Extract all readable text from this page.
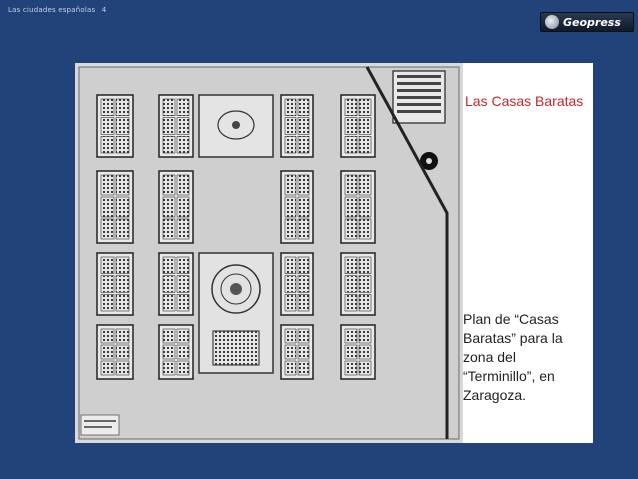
Las ciudades españolas 4
Geopress
Las Casas Baratas
Plan de “Casas Baratas” para la zona del “Terminillo”, en Zaragoza.
